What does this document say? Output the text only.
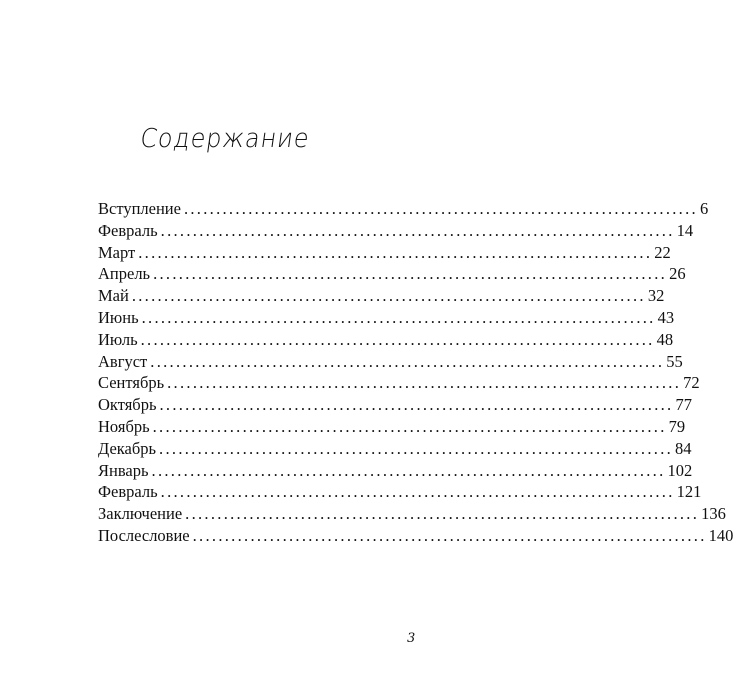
Содержание
Вступление ................................................................................ 6
Февраль ................................................................................ 14
Март ................................................................................ 22
Апрель ................................................................................ 26
Май ................................................................................ 32
Июнь ................................................................................ 43
Июль ................................................................................ 48
Август ................................................................................ 55
Сентябрь ................................................................................ 72
Октябрь ................................................................................ 77
Ноябрь ................................................................................ 79
Декабрь ................................................................................ 84
Январь ................................................................................ 102
Февраль ................................................................................ 121
Заключение ................................................................................ 136
Послесловие ................................................................................ 140
3
